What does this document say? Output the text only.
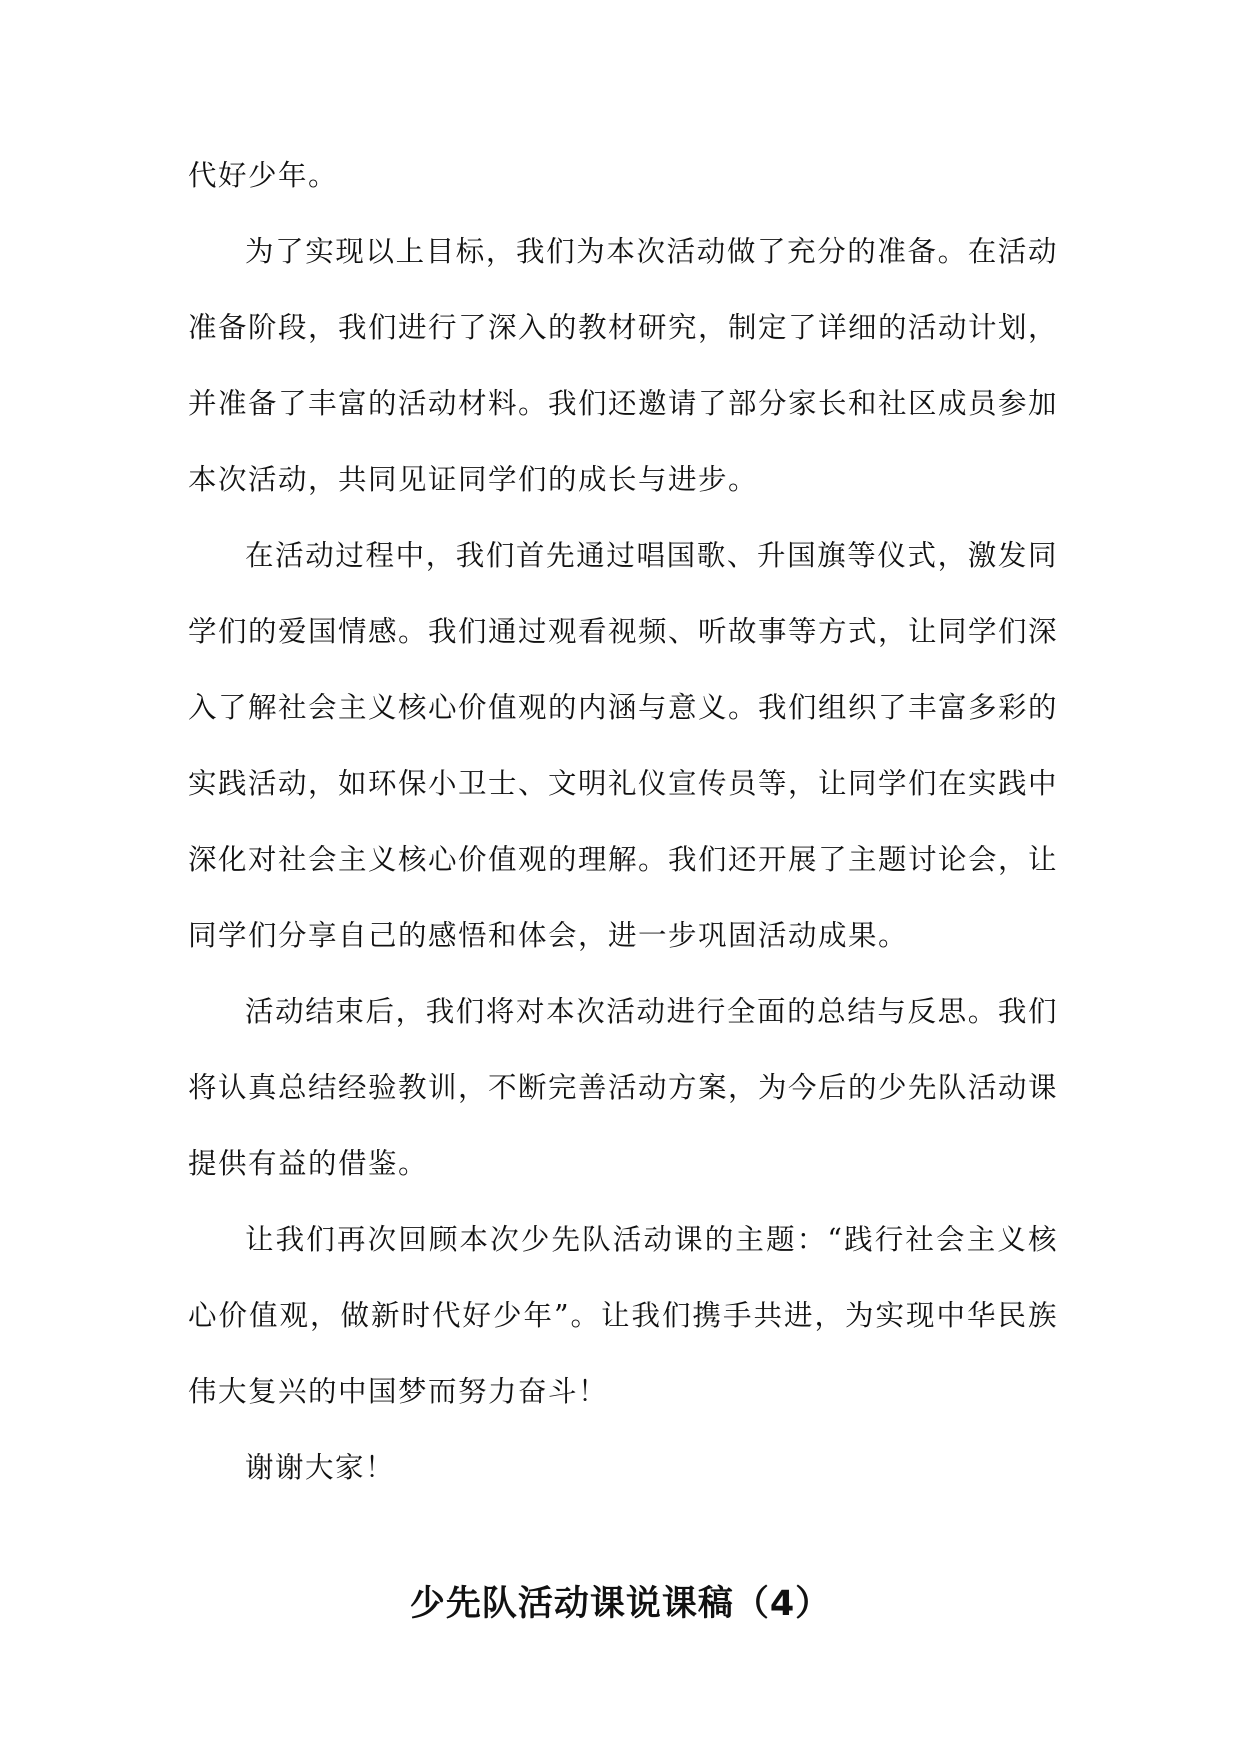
代好少年。

为了实现以上目标，我们为本次活动做了充分的准备。在活动准备阶段，我们进行了深入的教材研究，制定了详细的活动计划，并准备了丰富的活动材料。我们还邀请了部分家长和社区成员参加本次活动，共同见证同学们的成长与进步。

在活动过程中，我们首先通过唱国歌、升国旗等仪式，激发同学们的爱国情感。我们通过观看视频、听故事等方式，让同学们深入了解社会主义核心价值观的内涵与意义。我们组织了丰富多彩的实践活动，如环保小卫士、文明礼仪宣传员等，让同学们在实践中深化对社会主义核心价值观的理解。我们还开展了主题讨论会，让同学们分享自己的感悟和体会，进一步巩固活动成果。

活动结束后，我们将对本次活动进行全面的总结与反思。我们将认真总结经验教训，不断完善活动方案，为今后的少先队活动课提供有益的借鉴。

让我们再次回顾本次少先队活动课的主题：“践行社会主义核心价值观，做新时代好少年”。让我们携手共进，为实现中华民族伟大复兴的中国梦而努力奋斗！

谢谢大家！

少先队活动课说课稿（4）
